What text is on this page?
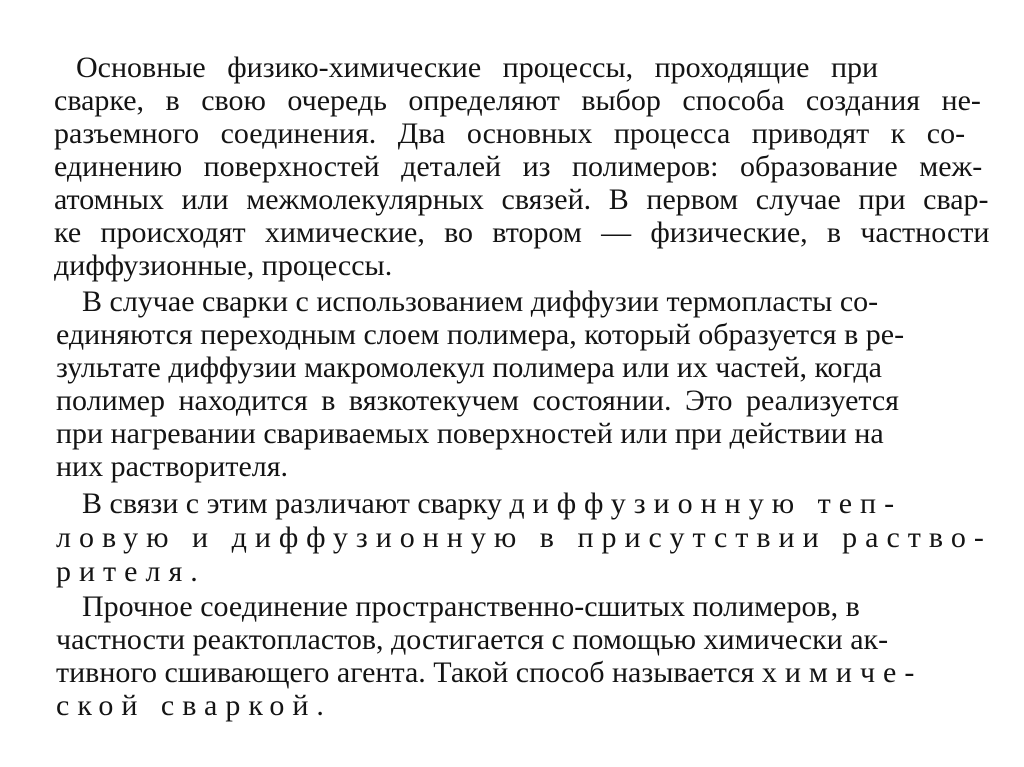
Основные физико-химические процессы, проходящие при
сварке, в свою очередь определяют выбор способа создания не-
разъемного соединения. Два основных процесса приводят к со-
единению поверхностей деталей из полимеров: образование меж-
атомных или межмолекулярных связей. В первом случае при свар-
ке происходят химические, во втором — физические, в частности
диффузионные, процессы.
В случае сварки с использованием диффузии термопласты со-
единяются переходным слоем полимера, который образуется в ре-
зультате диффузии макромолекул полимера или их частей, когда
полимер находится в вязкотекучем состоянии. Это реализуется
при нагревании свариваемых поверхностей или при действии на
них растворителя.
В связи с этим различают сварку диффузионную теп-
ловую и диффузионную в присутствии раство-
рителя.
Прочное соединение пространственно-сшитых полимеров, в
частности реактопластов, достигается с помощью химически ак-
тивного сшивающего агента. Такой способ называется химиче-
ской сваркой.
